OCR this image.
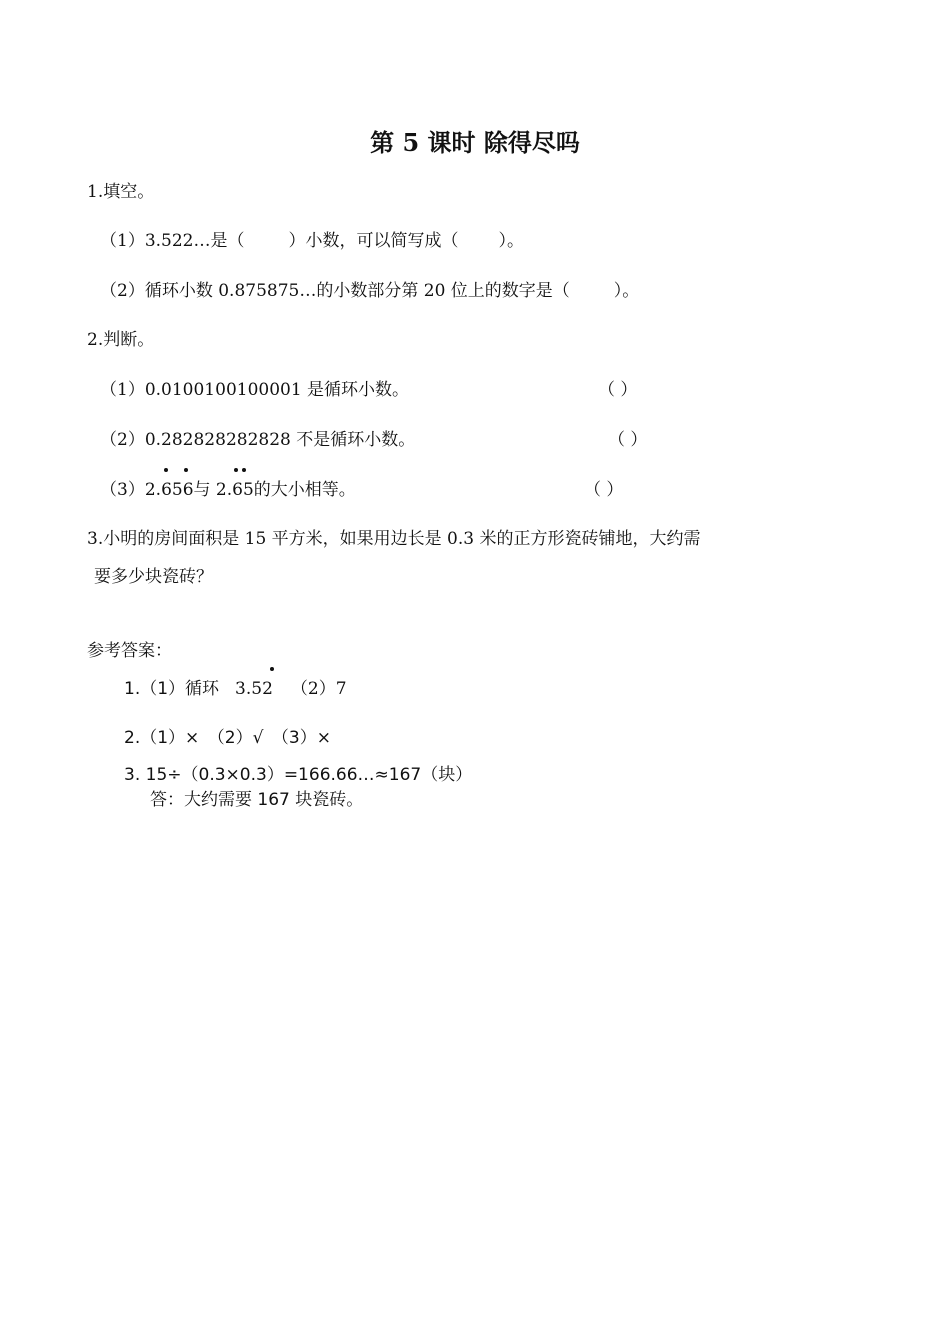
第 5 课时 除得尽吗
1.填空。
（1）3.522…是（	）小数，可以简写成（ ）。
（2）循环小数 0.875875…的小数部分第 20 位上的数字是（	）。
2.判断。
（1）0.0100100100001 是循环小数。	（ ）
（2）0.282828282828 不是循环小数。	（ ）
（3）2.
656与 2.
65的大小相等。	（ ）
3.小明的房间面积是 15 平方米，如果用边长是 0.3 米的正方形瓷砖铺地，大约需
要多少块瓷砖？
参考答案：
1.（1）循环 3.52 （2）7
2.（1）×　（2）√　（3）×
3. 15÷（0.3×0.3）=166.66…≈167（块）
答：大约需要 167 块瓷砖。
